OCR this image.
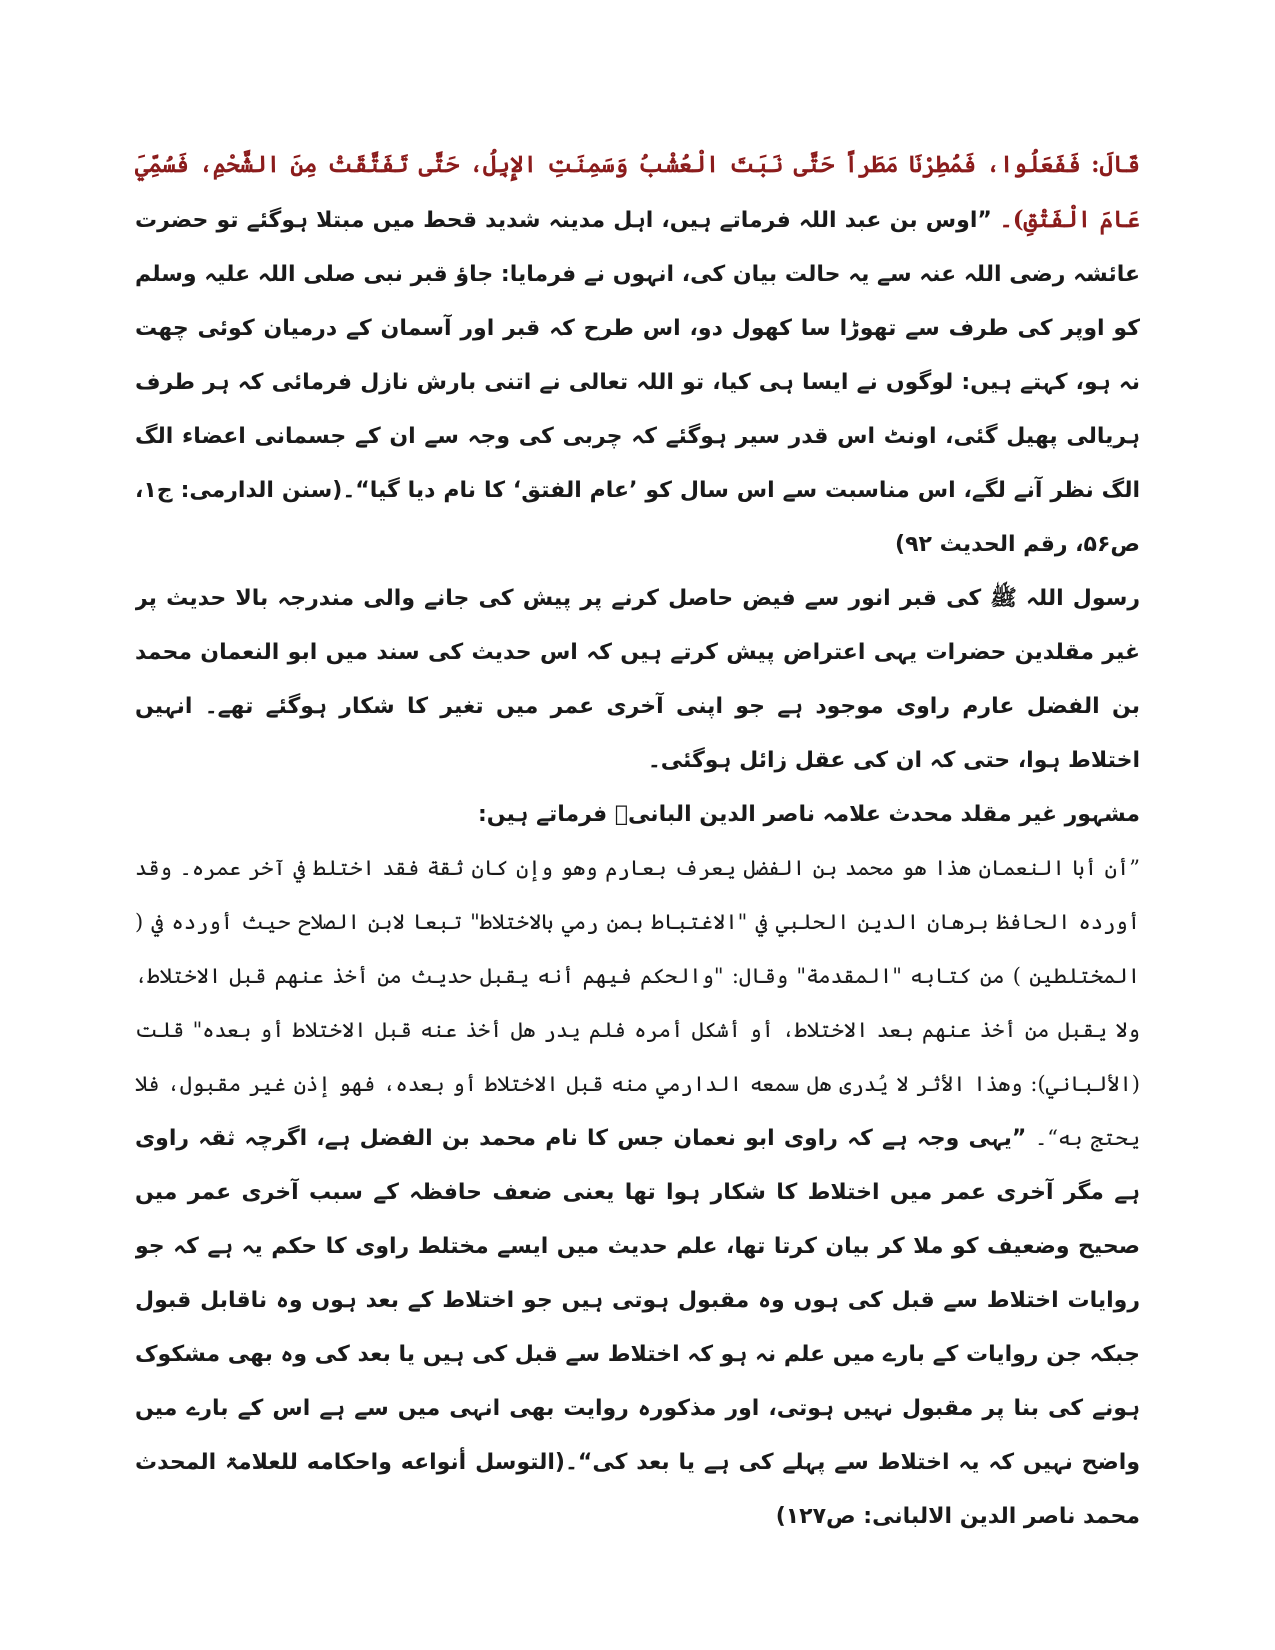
قَالَ: فَفَعَلُوا، فَمُطِرْنَا مَطَراً حَتَّى نَبَتَ الْعُشْبُ وَسَمِنَتِ الإِبِلُ، حَتَّى تَفَتَّقَتْ مِنَ الشَّحْمِ، فَسُمِّيَ عَامَ الْفَتْقِ)۔ ”اوس بن عبد اللہ فرماتے ہیں، اہل مدینہ شدید قحط میں مبتلا ہوگئے تو حضرت عائشہ رضی اللہ عنہ سے یہ حالت بیان کی، انہوں نے فرمایا: جاؤ قبر نبی صلی اللہ علیہ وسلم کو اوپر کی طرف سے تھوڑا سا کھول دو، اس طرح کہ قبر اور آسمان کے درمیان کوئی چھت نہ ہو، کہتے ہیں: لوگوں نے ایسا ہی کیا، تو اللہ تعالی نے اتنی بارش نازل فرمائی کہ ہر طرف ہریالی پھیل گئی، اونٹ اس قدر سیر ہوگئے کہ چربی کی وجہ سے ان کے جسمانی اعضاء الگ الگ نظر آنے لگے، اس مناسبت سے اس سال کو ’عام الفتق‘ کا نام دیا گیا“۔(سنن الدارمی: ج۱، ص۵۶، رقم الحدیث ۹۲)

رسول اللہ ﷺ کی قبر انور سے فیض حاصل کرنے پر پیش کی جانے والی مندرجہ بالا حدیث پر غیر مقلدین حضرات یہی اعتراض پیش کرتے ہیں کہ اس حدیث کی سند میں ابو النعمان محمد بن الفضل عارم راوی موجود ہے جو اپنی آخری عمر میں تغیر کا شکار ہوگئے تھے۔ انہیں اختلاط ہوا، حتی کہ ان کی عقل زائل ہوگئی۔

مشہور غیر مقلد محدث علامہ ناصر الدین البانیؒ فرماتے ہیں:

”أن أبا النعمان هذا هو محمد بن الفضل يعرف بعارم وهو وإن كان ثقة فقد اختلط في آخر عمره۔ وقد أورده الحافظ برهان الدين الحلبي في "الاغتباط بمن رمي بالاختلاط" تبعا لابن الصلاح حيث أورده في ( المختلطين ) من كتابه "المقدمة" وقال: "والحكم فيهم أنه يقبل حديث من أخذ عنهم قبل الاختلاط، ولا يقبل من أخذ عنهم بعد الاختلاط، أو أشكل أمره فلم يدر هل أخذ عنه قبل الاختلاط أو بعده" قلت (الألباني): وهذا الأثر لا يُدرى هل سمعه الدارمي منه قبل الاختلاط أو بعده، فهو إذن غير مقبول، فلا يحتج به“۔ ”یہی وجہ ہے کہ راوی ابو نعمان جس کا نام محمد بن الفضل ہے، اگرچہ ثقہ راوی ہے مگر آخری عمر میں اختلاط کا شکار ہوا تھا یعنی ضعف حافظہ کے سبب آخری عمر میں صحیح وضعیف کو ملا کر بیان کرتا تھا، علم حدیث میں ایسے مختلط راوی کا حکم یہ ہے کہ جو روایات اختلاط سے قبل کی ہوں وہ مقبول ہوتی ہیں جو اختلاط کے بعد ہوں وہ ناقابل قبول جبکہ جن روایات کے بارے میں علم نہ ہو کہ اختلاط سے قبل کی ہیں یا بعد کی وہ بھی مشکوک ہونے کی بنا پر مقبول نہیں ہوتی، اور مذکورہ روایت بھی انہی میں سے ہے اس کے بارے میں واضح نہیں کہ یہ اختلاط سے پہلے کی ہے یا بعد کی“۔(التوسل أنواعه واحکامه للعلامۃ المحدث محمد ناصر الدین الالبانی: ص۱۲۷)
